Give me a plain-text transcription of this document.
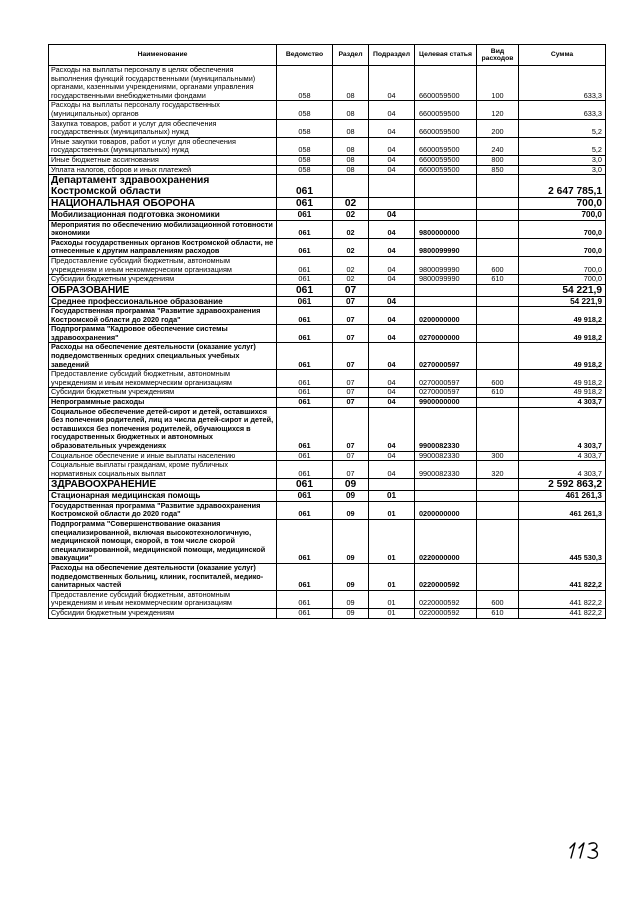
Наименование	Ведомство	Раздел	Подраздел	Целевая статья	Вид расходов	Сумма
Расходы на выплаты персоналу в целях обеспечения выполнения функций государственными (муниципальными) органами, казенными учреждениями, органами управления государственными внебюджетными фондами	058	08	04	6600059500	100	633,3
Расходы на выплаты персоналу государственных (муниципальных) органов	058	08	04	6600059500	120	633,3
Закупка товаров, работ и услуг для обеспечения государственных (муниципальных) нужд	058	08	04	6600059500	200	5,2
Иные закупки товаров, работ и услуг для обеспечения государственных (муниципальных) нужд	058	08	04	6600059500	240	5,2
Иные бюджетные ассигнования	058	08	04	6600059500	800	3,0
Уплата налогов, сборов и иных платежей	058	08	04	6600059500	850	3,0
Департамент здравоохранения Костромской области	061					2 647 785,1
НАЦИОНАЛЬНАЯ ОБОРОНА	061	02				700,0
Мобилизационная подготовка экономики	061	02	04			700,0
Мероприятия по обеспечению мобилизационной готовности экономики	061	02	04	9800000000		700,0
Расходы государственных органов Костромской области, не отнесенные к другим направлениям расходов	061	02	04	9800099990		700,0
Предоставление субсидий бюджетным, автономным учреждениям и иным некоммерческим организациям	061	02	04	9800099990	600	700,0
Субсидии бюджетным учреждениям	061	02	04	9800099990	610	700,0
ОБРАЗОВАНИЕ	061	07				54 221,9
Среднее профессиональное образование	061	07	04			54 221,9
Государственная программа "Развитие здравоохранения Костромской области до 2020 года"	061	07	04	0200000000		49 918,2
Подпрограмма "Кадровое обеспечение системы здравоохранения"	061	07	04	0270000000		49 918,2
Расходы на обеспечение деятельности (оказание услуг) подведомственных средних специальных учебных заведений	061	07	04	0270000597		49 918,2
Предоставление субсидий бюджетным, автономным учреждениям и иным некоммерческим организациям	061	07	04	0270000597	600	49 918,2
Субсидии бюджетным учреждениям	061	07	04	0270000597	610	49 918,2
Непрограммные расходы	061	07	04	9900000000		4 303,7
Социальное обеспечение детей-сирот и детей, оставшихся без попечения родителей, лиц из числа детей-сирот и детей, оставшихся без попечения родителей, обучающихся в государственных бюджетных и автономных образовательных учреждениях	061	07	04	9900082330		4 303,7
Социальное обеспечение и иные выплаты населению	061	07	04	9900082330	300	4 303,7
Социальные выплаты гражданам, кроме публичных нормативных социальных выплат	061	07	04	9900082330	320	4 303,7
ЗДРАВООХРАНЕНИЕ	061	09				2 592 863,2
Стационарная медицинская помощь	061	09	01			461 261,3
Государственная программа "Развитие здравоохранения Костромской области до 2020 года"	061	09	01	0200000000		461 261,3
Подпрограмма "Совершенствование оказания специализированной, включая высокотехнологичную, медицинской помощи, скорой, в том числе скорой специализированной, медицинской помощи, медицинской эвакуации"	061	09	01	0220000000		445 530,3
Расходы на обеспечение деятельности (оказание услуг) подведомственных больниц, клиник, госпиталей, медико-санитарных частей	061	09	01	0220000592		441 822,2
Предоставление субсидий бюджетным, автономным учреждениям и иным некоммерческим организациям	061	09	01	0220000592	600	441 822,2
Субсидии бюджетным учреждениям	061	09	01	0220000592	610	441 822,2
